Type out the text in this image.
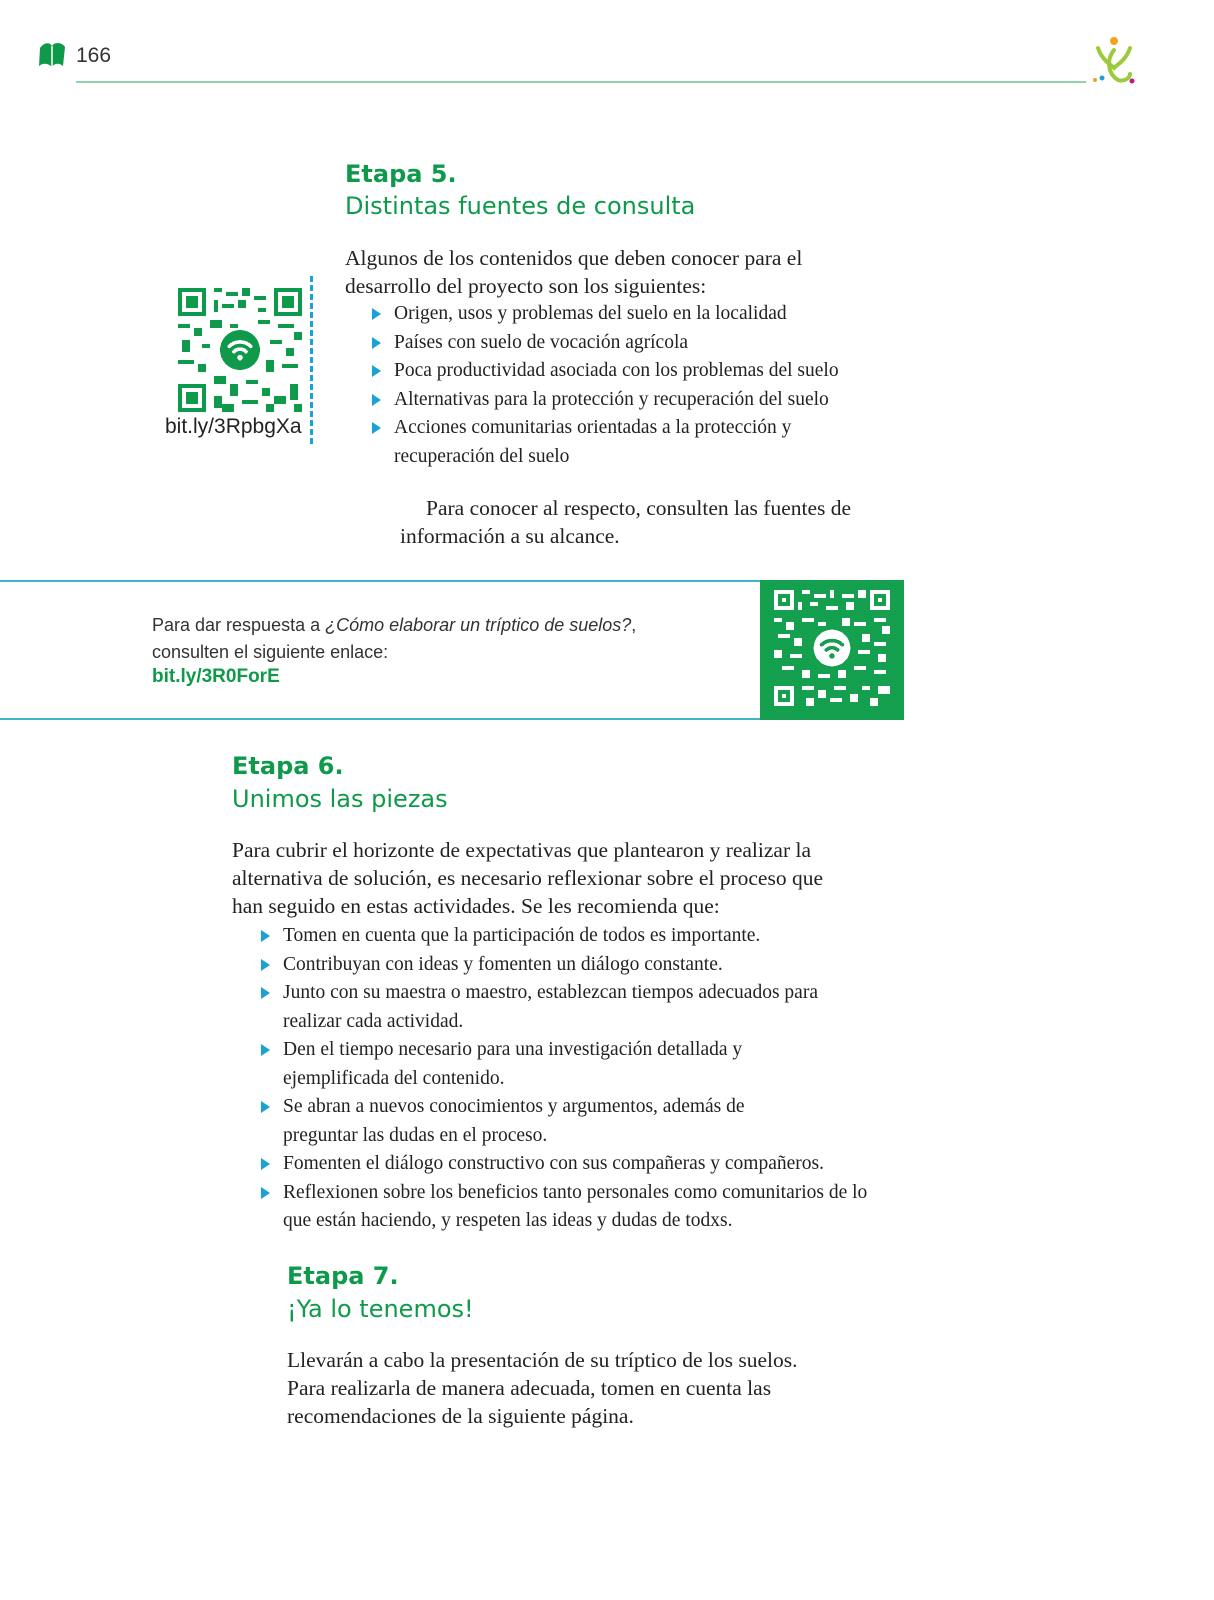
166
Etapa 5.
Distintas fuentes de consulta
Algunos de los contenidos que deben conocer para el
desarrollo del proyecto son los siguientes:
Origen, usos y problemas del suelo en la localidad
Países con suelo de vocación agrícola
Poca productividad asociada con los problemas del suelo
Alternativas para la protección y recuperación del suelo
Acciones comunitarias orientadas a la protección y recuperación del suelo
Para conocer al respecto, consulten las fuentes de
información a su alcance.
bit.ly/3RpbgXa
Para dar respuesta a ¿Cómo elaborar un tríptico de suelos?,
consulten el siguiente enlace:
bit.ly/3R0ForE
Etapa 6.
Unimos las piezas
Para cubrir el horizonte de expectativas que plantearon y realizar la
alternativa de solución, es necesario reflexionar sobre el proceso que
han seguido en estas actividades. Se les recomienda que:
Tomen en cuenta que la participación de todos es importante.
Contribuyan con ideas y fomenten un diálogo constante.
Junto con su maestra o maestro, establezcan tiempos adecuados para realizar cada actividad.
Den el tiempo necesario para una investigación detallada y ejemplificada del contenido.
Se abran a nuevos conocimientos y argumentos, además de preguntar las dudas en el proceso.
Fomenten el diálogo constructivo con sus compañeras y compañeros.
Reflexionen sobre los beneficios tanto personales como comunitarios de lo que están haciendo, y respeten las ideas y dudas de todxs.
Etapa 7.
¡Ya lo tenemos!
Llevarán a cabo la presentación de su tríptico de los suelos.
Para realizarla de manera adecuada, tomen en cuenta las
recomendaciones de la siguiente página.
